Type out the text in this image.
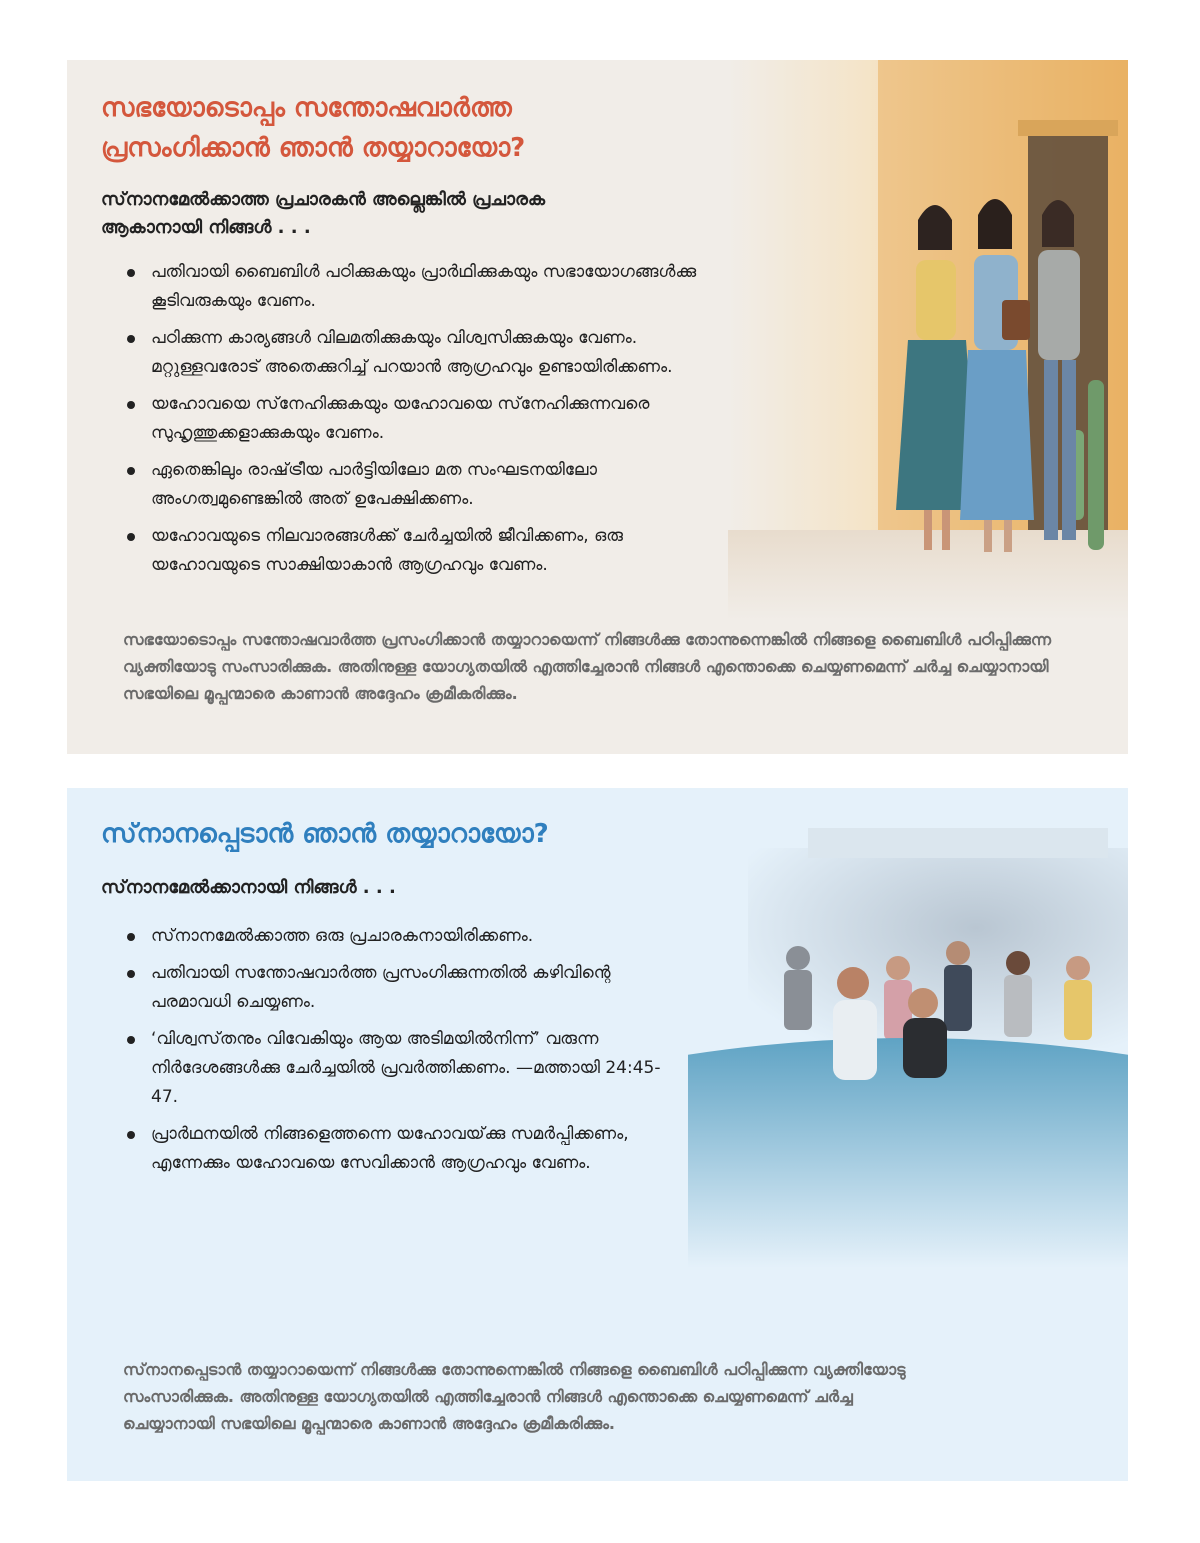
സഭയോടൊപ്പം സന്തോഷവാർത്ത പ്രസംഗിക്കാൻ ഞാൻ തയ്യാറായോ?

സ്‌നാനമേൽക്കാത്ത പ്രചാരകൻ അല്ലെങ്കിൽ പ്രചാരക ആകാനായി നിങ്ങൾ . . .

പതിവായി ബൈബിൾ പഠിക്കുകയും പ്രാർഥിക്കുകയും സഭായോഗങ്ങൾക്കു കൂടിവരുകയും വേണം.
പഠിക്കുന്ന കാര്യങ്ങൾ വിലമതിക്കുകയും വിശ്വസിക്കുകയും വേണം. മറ്റുള്ളവരോട്‌ അതെക്കുറിച്ച്‌ പറയാൻ ആഗ്രഹവും ഉണ്ടായിരിക്കണം.
യഹോവയെ സ്‌നേഹിക്കുകയും യഹോവയെ സ്‌നേഹിക്കുന്നവരെ സുഹൃത്തുക്കളാക്കുകയും വേണം.
ഏതെങ്കിലും രാഷ്‌ട്രീയ പാർട്ടിയിലോ മത സംഘടനയിലോ അംഗത്വമുണ്ടെങ്കിൽ അത്‌ ഉപേക്ഷിക്കണം.
യഹോവയുടെ നിലവാരങ്ങൾക്ക്‌ ചേർച്ചയിൽ ജീവിക്കണം, ഒരു യഹോവയുടെ സാക്ഷിയാകാൻ ആഗ്രഹവും വേണം.

സഭയോടൊപ്പം സന്തോഷവാർത്ത പ്രസംഗിക്കാൻ തയ്യാറായെന്ന്‌ നിങ്ങൾക്കു തോന്നുന്നെങ്കിൽ നിങ്ങളെ ബൈബിൾ പഠിപ്പിക്കുന്ന വ്യക്തിയോടു സംസാരിക്കുക. അതിനുള്ള യോഗ്യതയിൽ എത്തിച്ചേരാൻ നിങ്ങൾ എന്തൊക്കെ ചെയ്യണമെന്ന്‌ ചർച്ച ചെയ്യാനായി സഭയിലെ മൂപ്പന്മാരെ കാണാൻ അദ്ദേഹം ക്രമീകരിക്കും.

സ്‌നാനപ്പെടാൻ ഞാൻ തയ്യാറായോ?

സ്‌നാനമേൽക്കാനായി നിങ്ങൾ . . .

സ്‌നാനമേൽക്കാത്ത ഒരു പ്രചാരകനായിരിക്കണം.
പതിവായി സന്തോഷവാർത്ത പ്രസംഗിക്കുന്നതിൽ കഴിവിന്റെ പരമാവധി ചെയ്യണം.
‘വിശ്വസ്‌തനും വിവേകിയും ആയ അടിമയിൽനിന്ന്‌’ വരുന്ന നിർദേശങ്ങൾക്കു ചേർച്ചയിൽ പ്രവർത്തിക്കണം. —മത്തായി 24:45-47.
പ്രാർഥനയിൽ നിങ്ങളെത്തന്നെ യഹോവയ്‌ക്കു സമർപ്പിക്കണം, എന്നേക്കും യഹോവയെ സേവിക്കാൻ ആഗ്രഹവും വേണം.

സ്‌നാനപ്പെടാൻ തയ്യാറായെന്ന്‌ നിങ്ങൾക്കു തോന്നുന്നെങ്കിൽ നിങ്ങളെ ബൈബിൾ പഠിപ്പിക്കുന്ന വ്യക്തിയോടു സംസാരിക്കുക. അതിനുള്ള യോഗ്യതയിൽ എത്തിച്ചേരാൻ നിങ്ങൾ എന്തൊക്കെ ചെയ്യണമെന്ന്‌ ചർച്ച ചെയ്യാനായി സഭയിലെ മൂപ്പന്മാരെ കാണാൻ അദ്ദേഹം ക്രമീകരിക്കും.
